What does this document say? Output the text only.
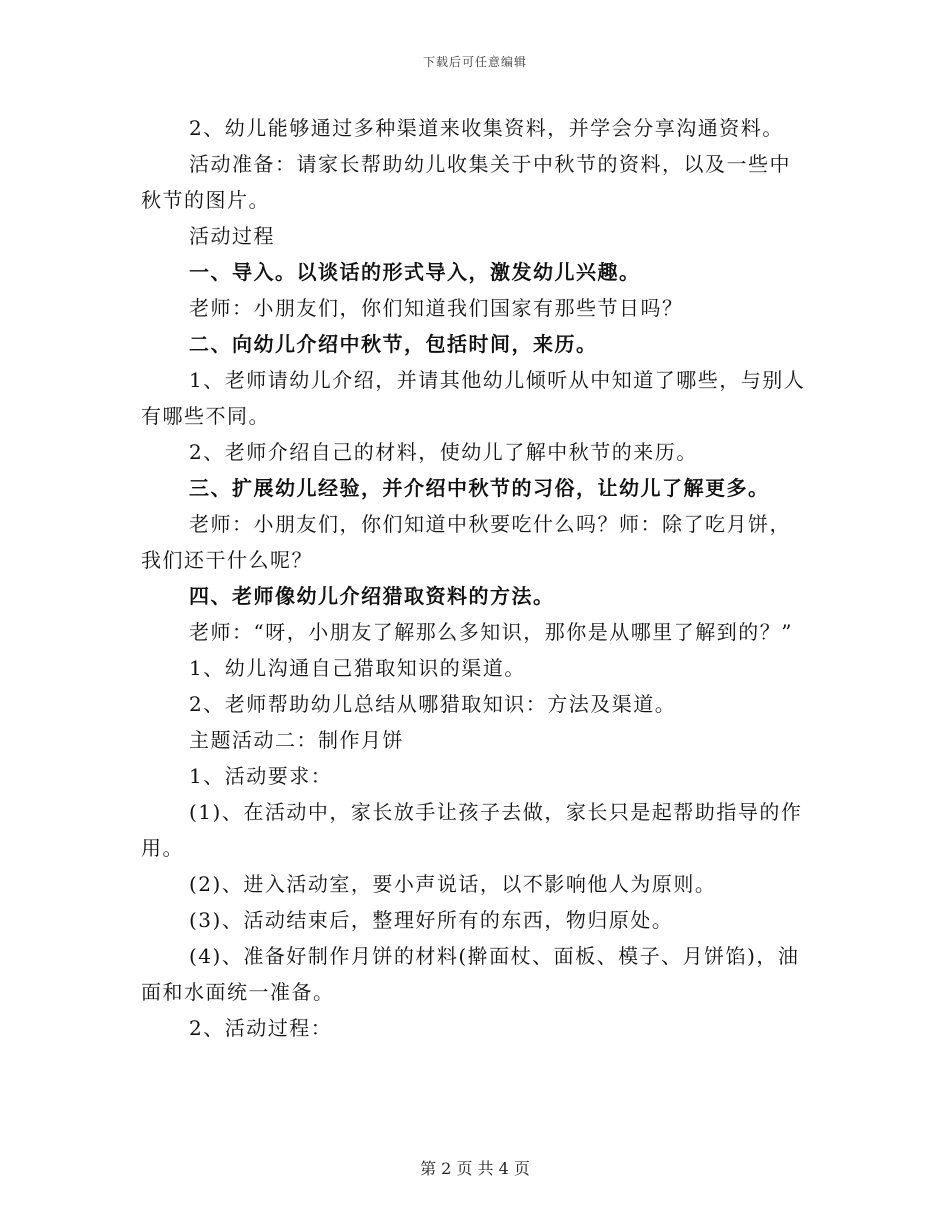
下载后可任意编辑

2、幼儿能够通过多种渠道来收集资料，并学会分享沟通资料。

活动准备：请家长帮助幼儿收集关于中秋节的资料，以及一些中秋节的图片。

活动过程

一、导入。以谈话的形式导入，激发幼儿兴趣。

老师：小朋友们，你们知道我们国家有那些节日吗？

二、向幼儿介绍中秋节，包括时间，来历。

1、老师请幼儿介绍，并请其他幼儿倾听从中知道了哪些，与别人有哪些不同。

2、老师介绍自己的材料，使幼儿了解中秋节的来历。

三、扩展幼儿经验，并介绍中秋节的习俗，让幼儿了解更多。

老师：小朋友们，你们知道中秋要吃什么吗？师：除了吃月饼，我们还干什么呢？

四、老师像幼儿介绍猎取资料的方法。

老师：“呀，小朋友了解那么多知识，那你是从哪里了解到的？”

1、幼儿沟通自己猎取知识的渠道。

2、老师帮助幼儿总结从哪猎取知识：方法及渠道。

主题活动二：制作月饼

1、活动要求：

(1)、在活动中，家长放手让孩子去做，家长只是起帮助指导的作用。

(2)、进入活动室，要小声说话，以不影响他人为原则。

(3)、活动结束后，整理好所有的东西，物归原处。

(4)、准备好制作月饼的材料(擀面杖、面板、模子、月饼馅)，油面和水面统一准备。

2、活动过程：

第 2 页 共 4 页
